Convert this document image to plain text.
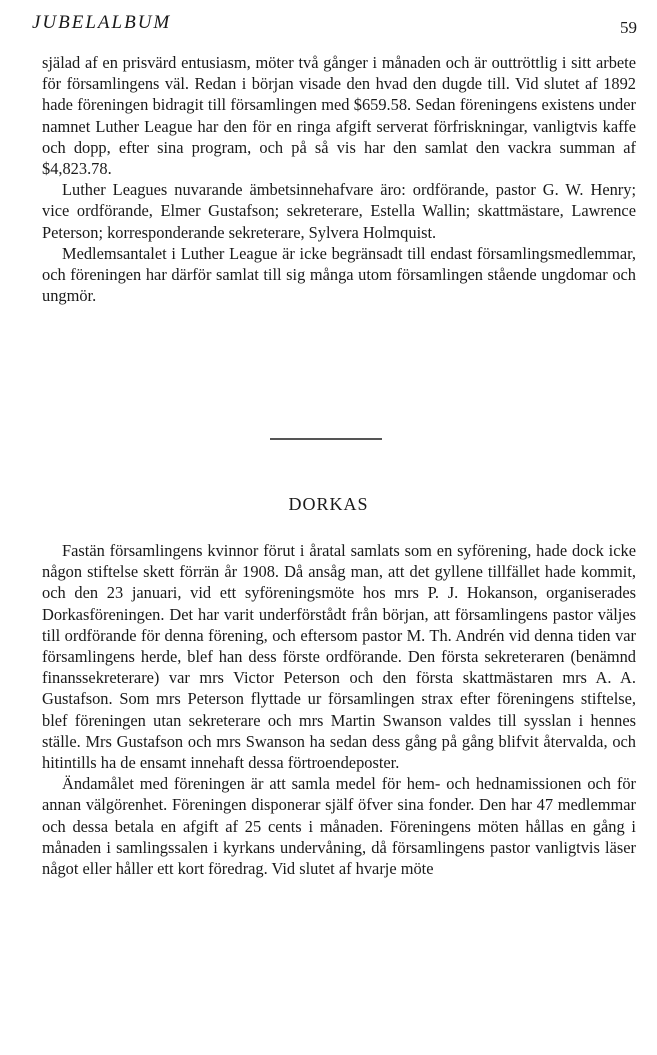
JUBELALBUM	59

själad af en prisvärd entusiasm, möter två gånger i månaden och är outtröttlig i sitt arbete för församlingens väl. Redan i början visade den hvad den dugde till. Vid slutet af 1892 hade föreningen bidragit till församlingen med $659.58. Sedan föreningens existens under namnet Luther League har den för en ringa afgift serverat förfriskningar, vanligtvis kaffe och dopp, efter sina program, och på så vis har den samlat den vackra summan af $4,823.78.

Luther Leagues nuvarande ämbetsinnehafvare äro: ordförande, pastor G. W. Henry; vice ordförande, Elmer Gustafson; sekreterare, Estella Wallin; skattmästare, Lawrence Peterson; korresponderande sekreterare, Sylvera Holmquist.

Medlemsantalet i Luther League är icke begränsadt till endast församlingsmedlemmar, och föreningen har därför samlat till sig många utom församlingen stående ungdomar och ungmör.

DORKAS

Fastän församlingens kvinnor förut i åratal samlats som en syförening, hade dock icke någon stiftelse skett förrän år 1908. Då ansåg man, att det gyllene tillfället hade kommit, och den 23 januari, vid ett syföreningsmöte hos mrs P. J. Hokanson, organiserades Dorkasföreningen. Det har varit underförstådt från början, att församlingens pastor väljes till ordförande för denna förening, och eftersom pastor M. Th. Andrén vid denna tiden var församlingens herde, blef han dess förste ordförande. Den första sekreteraren (benämnd finanssekreterare) var mrs Victor Peterson och den första skattmästaren mrs A. A. Gustafson. Som mrs Peterson flyttade ur församlingen strax efter föreningens stiftelse, blef föreningen utan sekreterare och mrs Martin Swanson valdes till sysslan i hennes ställe. Mrs Gustafson och mrs Swanson ha sedan dess gång på gång blifvit återvalda, och hitintills ha de ensamt innehaft dessa förtroendeposter.

Ändamålet med föreningen är att samla medel för hem- och hednamissionen och för annan välgörenhet. Föreningen disponerar själf öfver sina fonder. Den har 47 medlemmar och dessa betala en afgift af 25 cents i månaden. Föreningens möten hållas en gång i månaden i samlingssalen i kyrkans undervåning, då församlingens pastor vanligtvis läser något eller håller ett kort föredrag. Vid slutet af hvarje möte
